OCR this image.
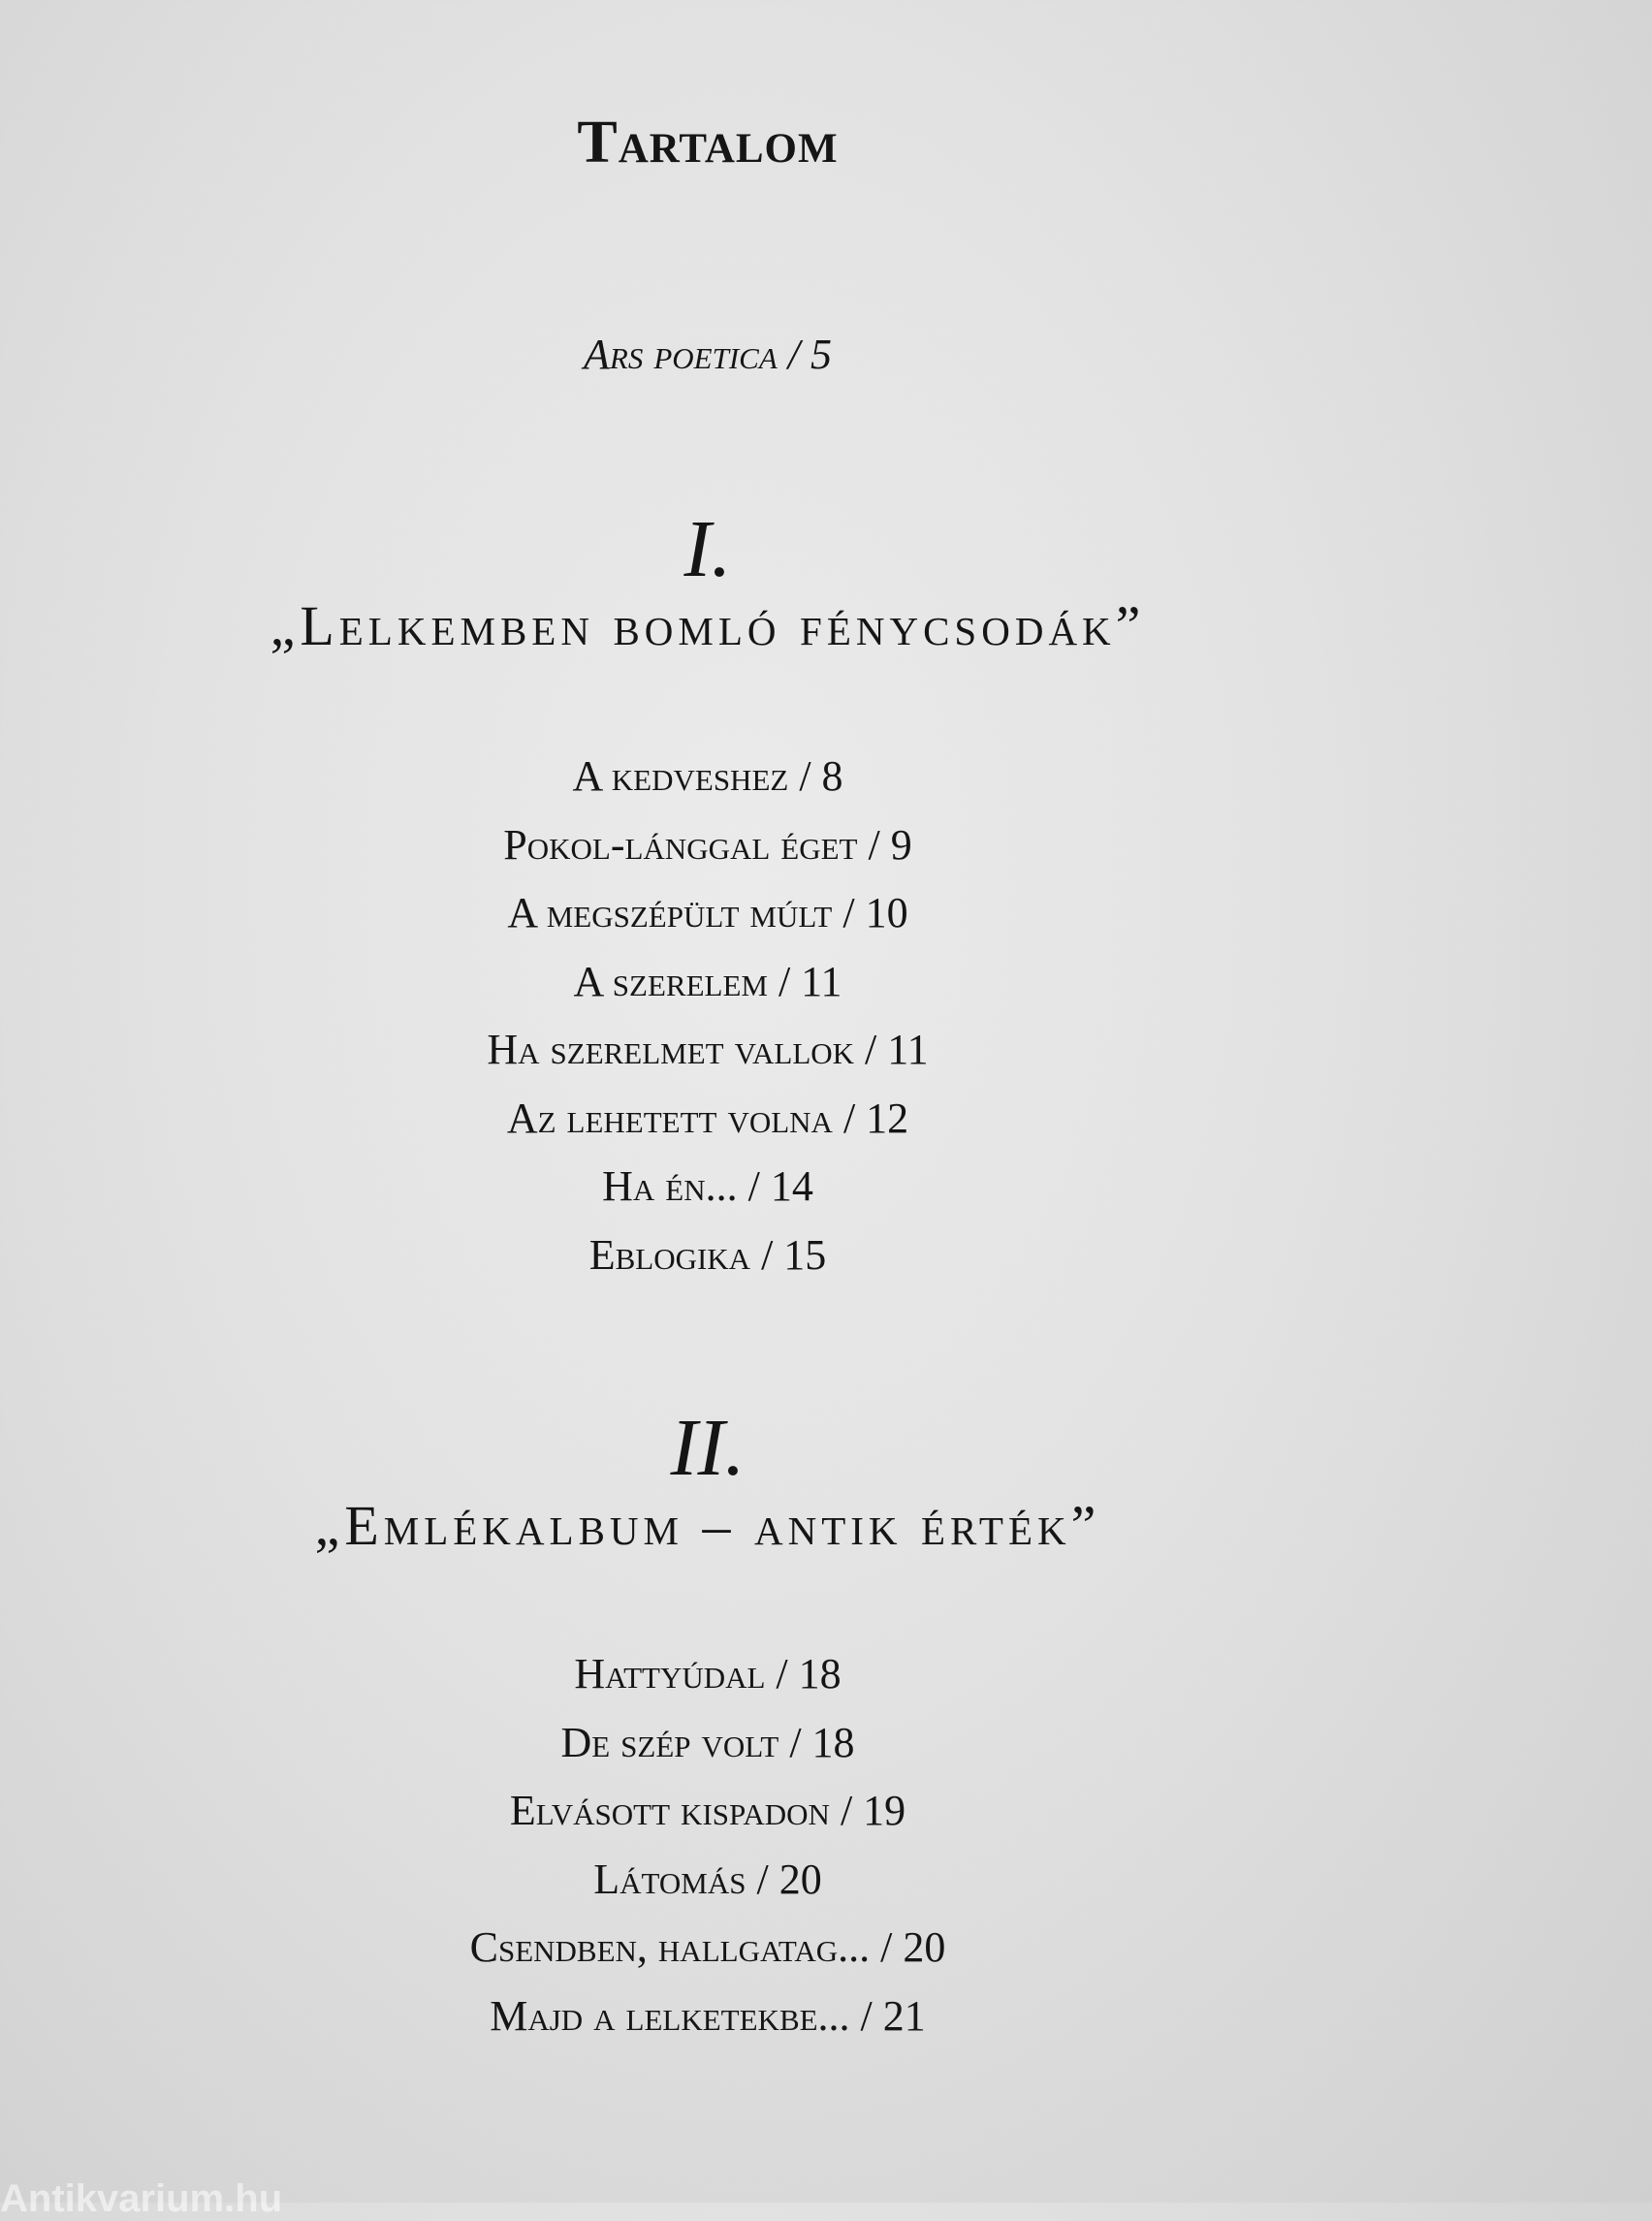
Tartalom
Ars poetica / 5
I.
„Lelkemben bomló fénycsodák”
A kedveshez / 8
Pokol-lánggal éget / 9
A megszépült múlt / 10
A szerelem / 11
Ha szerelmet vallok / 11
Az lehetett volna / 12
Ha én... / 14
Eblogika / 15
II.
„Emlékalbum – antik érték”
Hattyúdal / 18
De szép volt / 18
Elvásott kispadon / 19
Látomás / 20
Csendben, hallgatag... / 20
Majd a lelketekbe... / 21
Antikvarium.hu
